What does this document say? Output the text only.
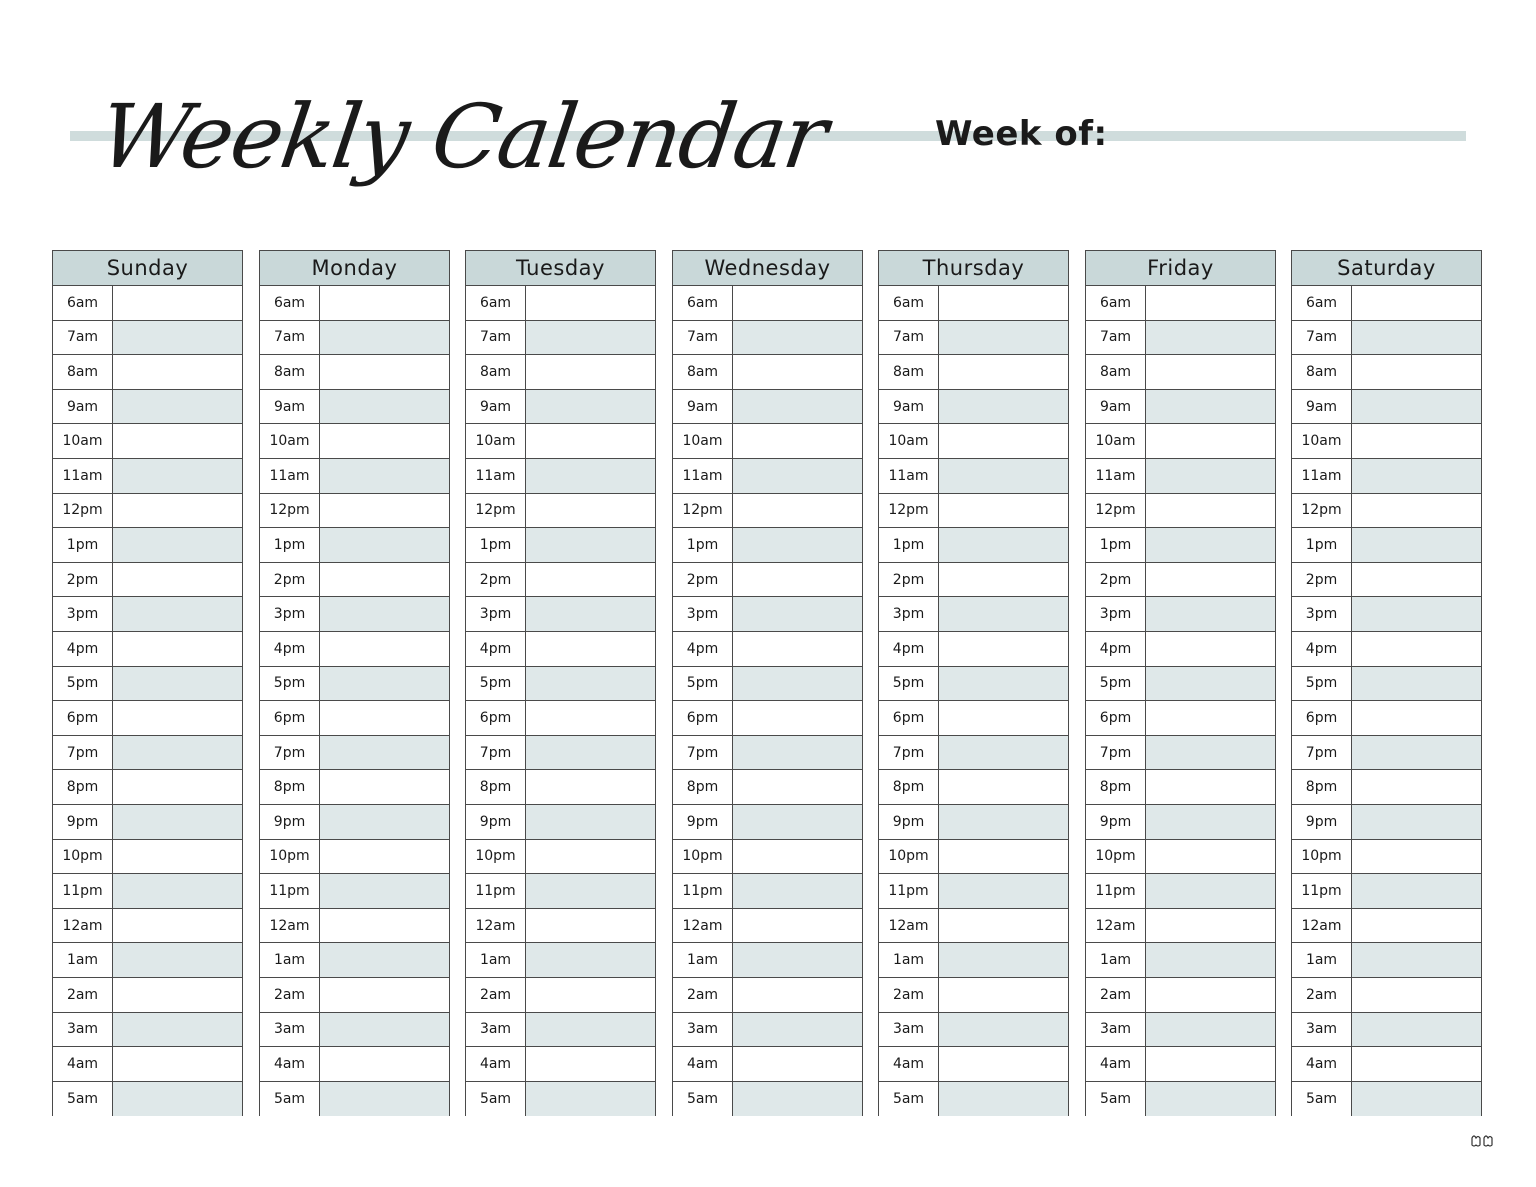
Weekly Calendar	Week of:
Sunday
6am
7am
8am
9am
10am
11am
12pm
1pm
2pm
3pm
4pm
5pm
6pm
7pm
8pm
9pm
10pm
11pm
12am
1am
2am
3am
4am
5am
Monday
6am
7am
8am
9am
10am
11am
12pm
1pm
2pm
3pm
4pm
5pm
6pm
7pm
8pm
9pm
10pm
11pm
12am
1am
2am
3am
4am
5am
Tuesday
6am
7am
8am
9am
10am
11am
12pm
1pm
2pm
3pm
4pm
5pm
6pm
7pm
8pm
9pm
10pm
11pm
12am
1am
2am
3am
4am
5am
Wednesday
6am
7am
8am
9am
10am
11am
12pm
1pm
2pm
3pm
4pm
5pm
6pm
7pm
8pm
9pm
10pm
11pm
12am
1am
2am
3am
4am
5am
Thursday
6am
7am
8am
9am
10am
11am
12pm
1pm
2pm
3pm
4pm
5pm
6pm
7pm
8pm
9pm
10pm
11pm
12am
1am
2am
3am
4am
5am
Friday
6am
7am
8am
9am
10am
11am
12pm
1pm
2pm
3pm
4pm
5pm
6pm
7pm
8pm
9pm
10pm
11pm
12am
1am
2am
3am
4am
5am
Saturday
6am
7am
8am
9am
10am
11am
12pm
1pm
2pm
3pm
4pm
5pm
6pm
7pm
8pm
9pm
10pm
11pm
12am
1am
2am
3am
4am
5am
